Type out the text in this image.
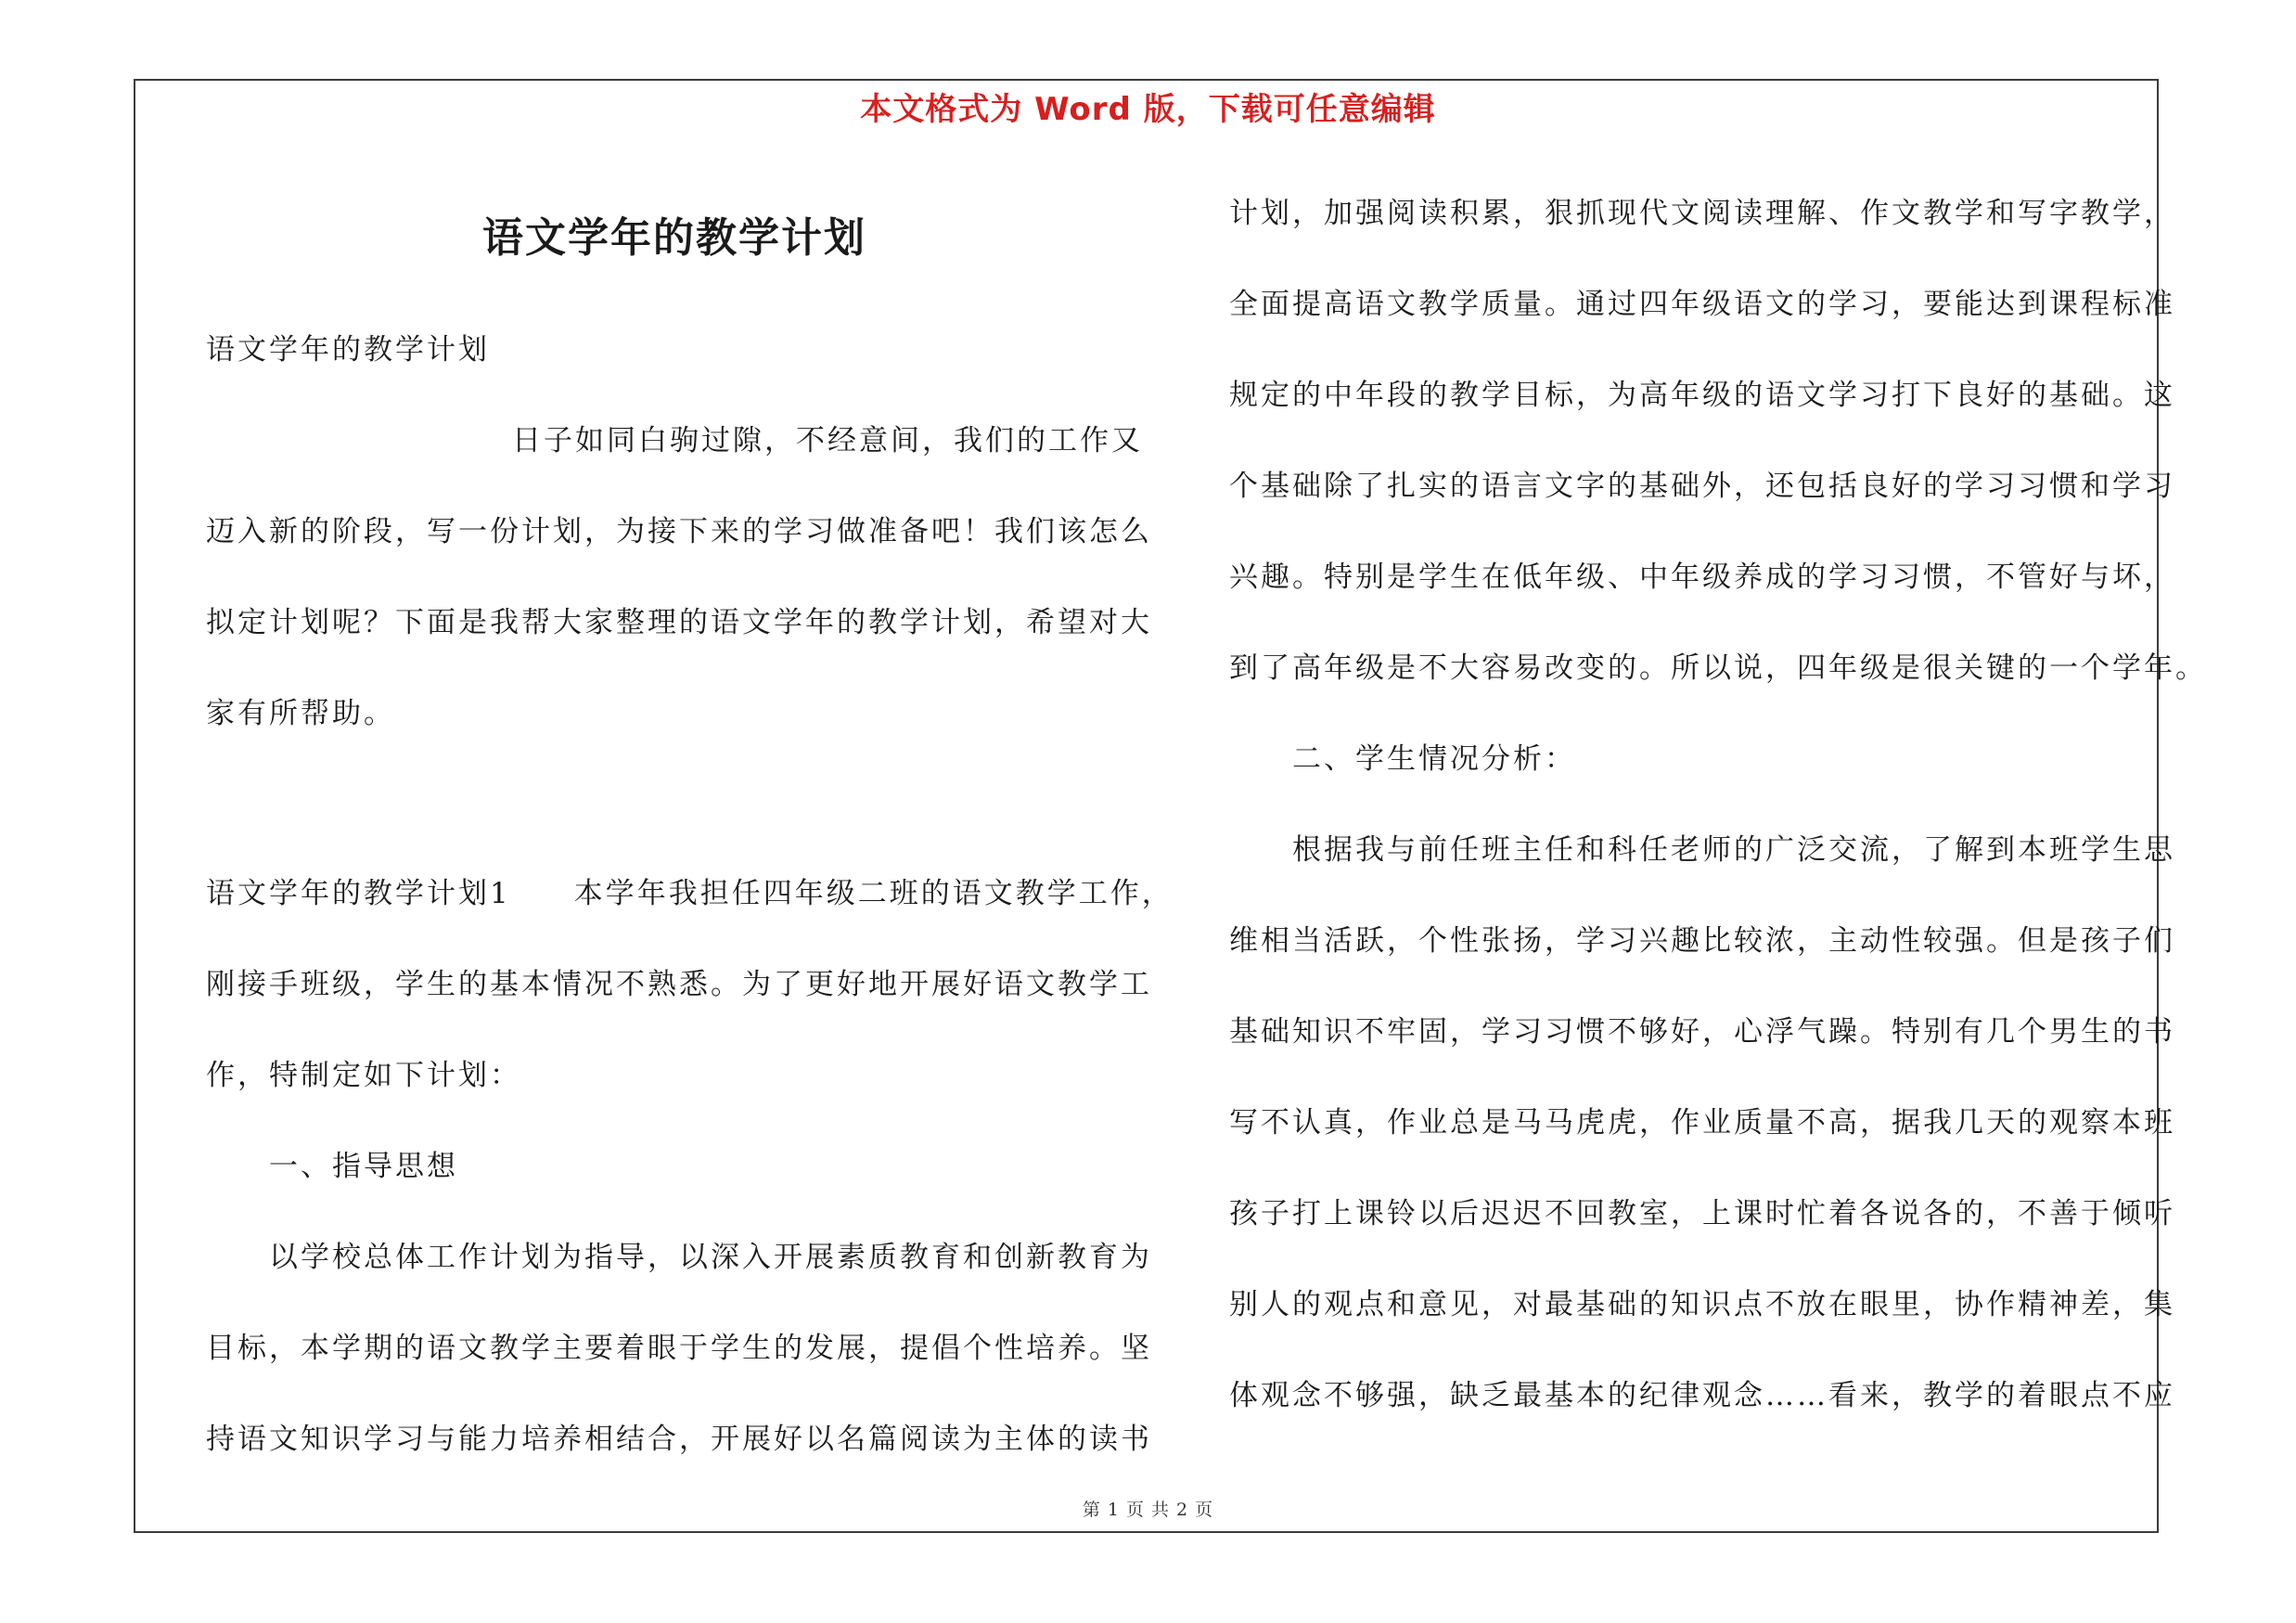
本文格式为 Word 版，下载可任意编辑
语文学年的教学计划
语文学年的教学计划
日子如同白驹过隙，不经意间，我们的工作又
迈入新的阶段，写一份计划，为接下来的学习做准备吧！我们该怎么
拟定计划呢？下面是我帮大家整理的语文学年的教学计划，希望对大
家有所帮助。
语文学年的教学计划1　　本学年我担任四年级二班的语文教学工作，
刚接手班级，学生的基本情况不熟悉。为了更好地开展好语文教学工
作，特制定如下计划：
一、指导思想
以学校总体工作计划为指导，以深入开展素质教育和创新教育为
目标，本学期的语文教学主要着眼于学生的发展，提倡个性培养。坚
持语文知识学习与能力培养相结合，开展好以名篇阅读为主体的读书
计划，加强阅读积累，狠抓现代文阅读理解、作文教学和写字教学，
全面提高语文教学质量。通过四年级语文的学习，要能达到课程标准
规定的中年段的教学目标，为高年级的语文学习打下良好的基础。这
个基础除了扎实的语言文字的基础外，还包括良好的学习习惯和学习
兴趣。特别是学生在低年级、中年级养成的学习习惯，不管好与坏，
到了高年级是不大容易改变的。所以说，四年级是很关键的一个学年。
二、学生情况分析：
根据我与前任班主任和科任老师的广泛交流，了解到本班学生思
维相当活跃，个性张扬，学习兴趣比较浓，主动性较强。但是孩子们
基础知识不牢固，学习习惯不够好，心浮气躁。特别有几个男生的书
写不认真，作业总是马马虎虎，作业质量不高，据我几天的观察本班
孩子打上课铃以后迟迟不回教室，上课时忙着各说各的，不善于倾听
别人的观点和意见，对最基础的知识点不放在眼里，协作精神差，集
体观念不够强，缺乏最基本的纪律观念……看来，教学的着眼点不应
第 1 页 共 2 页
